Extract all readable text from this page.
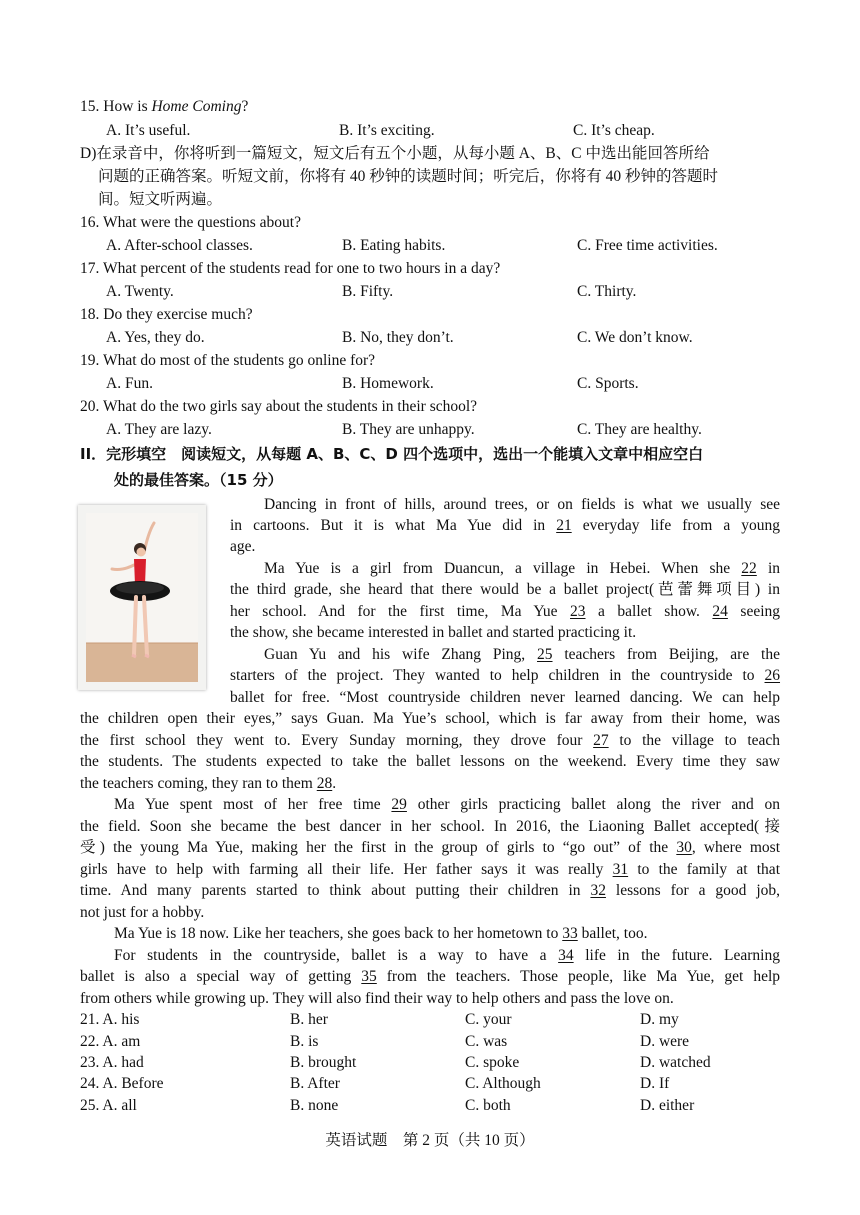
15. How is Home Coming?
A. It’s useful.	B. It’s exciting.	C. It’s cheap.
D)在录音中，你将听到一篇短文，短文后有五个小题，从每小题 A、B、C 中选出能回答所给
问题的正确答案。听短文前，你将有 40 秒钟的读题时间；听完后，你将有 40 秒钟的答题时
间。短文听两遍。
16. What were the questions about?
A. After-school classes.	B. Eating habits.	C. Free time activities.
17. What percent of the students read for one to two hours in a day?
A. Twenty.	B. Fifty.	C. Thirty.
18. Do they exercise much?
A. Yes, they do.	B. No, they don’t.	C. We don’t know.
19. What do most of the students go online for?
A. Fun.	B. Homework.	C. Sports.
20. What do the two girls say about the students in their school?
A. They are lazy.	B. They are unhappy.	C. They are healthy.
II．完形填空　阅读短文，从每题 A、B、C、D 四个选项中，选出一个能填入文章中相应空白
处的最佳答案。（15 分）
Dancing in front of hills, around trees, or on fields is what we usually see
in cartoons. But it is what Ma Yue did in 21 everyday life from a young
age.
Ma Yue is a girl from Duancun, a village in Hebei. When she 22 in
the third grade, she heard that there would be a ballet project(芭蕾舞项目) in
her school. And for the first time, Ma Yue 23 a ballet show. 24 seeing
the show, she became interested in ballet and started practicing it.
Guan Yu and his wife Zhang Ping, 25 teachers from Beijing, are the
starters of the project. They wanted to help children in the countryside to 26
ballet for free. “Most countryside children never learned dancing. We can help
the children open their eyes,” says Guan. Ma Yue’s school, which is far away from their home, was
the first school they went to. Every Sunday morning, they drove four 27 to the village to teach
the students. The students expected to take the ballet lessons on the weekend. Every time they saw
the teachers coming, they ran to them 28.
Ma Yue spent most of her free time 29 other girls practicing ballet along the river and on
the field. Soon she became the best dancer in her school. In 2016, the Liaoning Ballet accepted(接
受) the young Ma Yue, making her the first in the group of girls to “go out” of the 30, where most
girls have to help with farming all their life. Her father says it was really 31 to the family at that
time. And many parents started to think about putting their children in 32 lessons for a good job,
not just for a hobby.
Ma Yue is 18 now. Like her teachers, she goes back to her hometown to 33 ballet, too.
For students in the countryside, ballet is a way to have a 34 life in the future. Learning
ballet is also a special way of getting 35 from the teachers. Those people, like Ma Yue, get help
from others while growing up. They will also find their way to help others and pass the love on.
21. A. his	B. her	C. your	D. my
22. A. am	B. is	C. was	D. were
23. A. had	B. brought	C. spoke	D. watched
24. A. Before	B. After	C. Although	D. If
25. A. all	B. none	C. both	D. either
英语试题　第 2 页（共 10 页）
